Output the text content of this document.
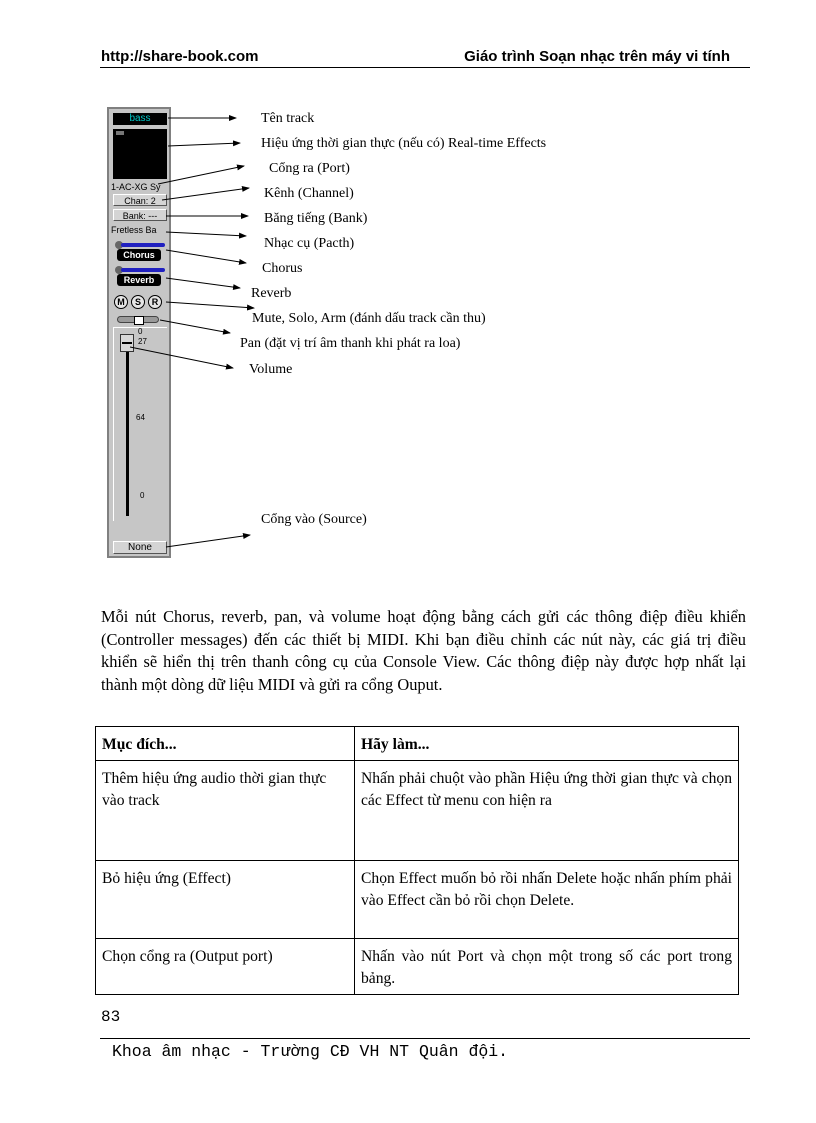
http://share-book.com	Giáo trình Soạn nhạc trên máy vi tính
bass
1-AC-XG Sy
Chan: 2
Bank: ---
Fretless Ba
Chorus
Reverb
M	S	R
0
27
64
0
None
Tên track
Hiệu ứng thời gian thực (nếu có) Real-time Effects
Cổng ra (Port)
Kênh (Channel)
Băng tiếng (Bank)
Nhạc cụ (Pacth)
Chorus
Reverb
Mute, Solo, Arm (đánh dấu track cần thu)
Pan (đặt vị trí âm thanh khi phát ra loa)
Volume
Cổng vào (Source)
Mỗi nút Chorus, reverb, pan, và volume hoạt động bằng cách gửi các thông điệp điều khiển (Controller messages) đến các thiết bị MIDI. Khi bạn điều chỉnh các nút này, các giá trị điều khiển sẽ hiển thị trên thanh công cụ của Console View. Các thông điệp này được hợp nhất lại thành một dòng dữ liệu MIDI và gửi ra cổng Ouput.
Mục đích...	Hãy làm...
Thêm hiệu ứng audio thời gian thực vào track	Nhấn phải chuột vào phần Hiệu ứng thời gian thực và chọn các Effect từ menu con hiện ra
Bỏ hiệu ứng (Effect)	Chọn Effect muốn bỏ rồi nhấn Delete hoặc nhấn phím phải vào Effect cần bỏ rồi chọn Delete.
Chọn cổng ra (Output port)	Nhấn vào nút Port và chọn một trong số các port trong bảng.
83
Khoa âm nhạc - Trường CĐ VH NT Quân đội.
